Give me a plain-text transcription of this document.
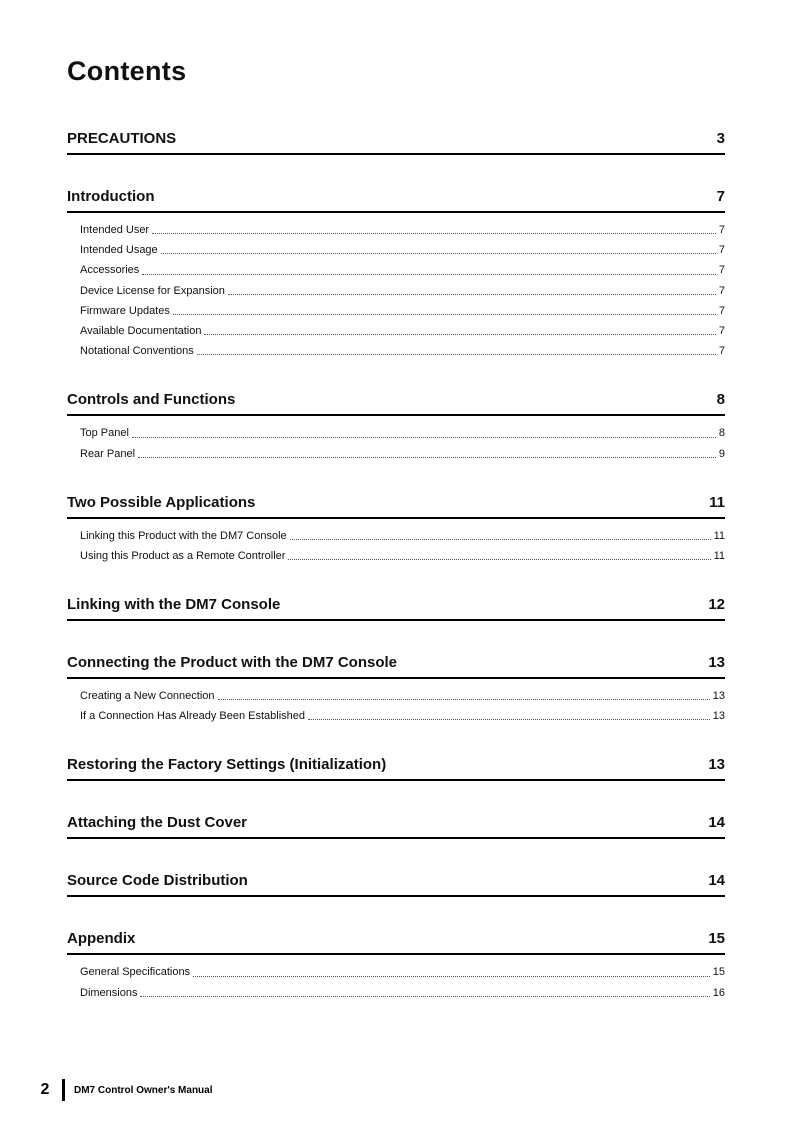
Contents
PRECAUTIONS	3
Introduction	7
Intended User	7
Intended Usage	7
Accessories	7
Device License for Expansion	7
Firmware Updates	7
Available Documentation	7
Notational Conventions	7
Controls and Functions	8
Top Panel	8
Rear Panel	9
Two Possible Applications	11
Linking this Product with the DM7 Console	11
Using this Product as a Remote Controller	11
Linking with the DM7 Console	12
Connecting the Product with the DM7 Console	13
Creating a New Connection	13
If a Connection Has Already Been Established	13
Restoring the Factory Settings (Initialization)	13
Attaching the Dust Cover	14
Source Code Distribution	14
Appendix	15
General Specifications	15
Dimensions	16
2 DM7 Control Owner's Manual
